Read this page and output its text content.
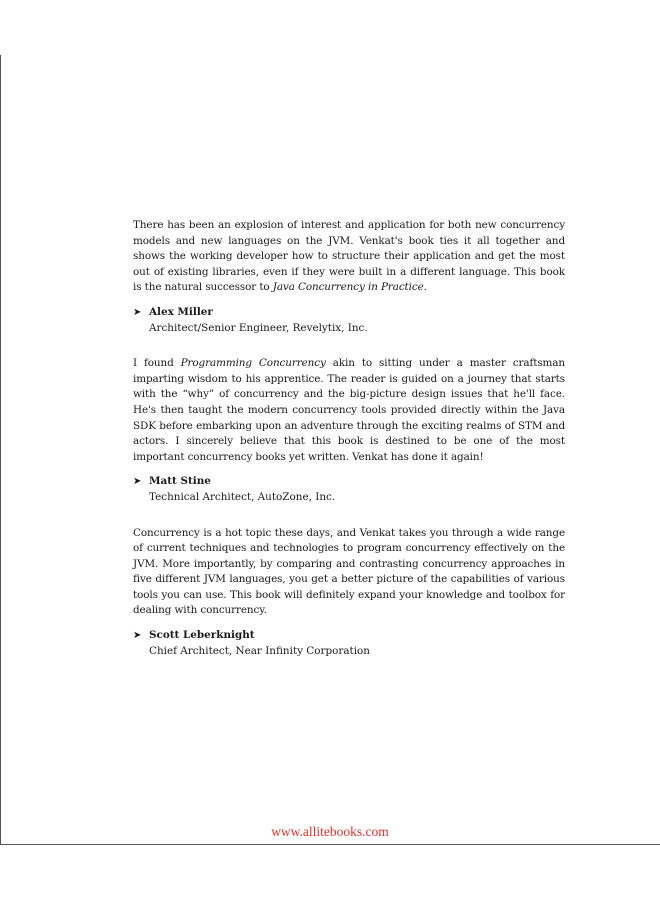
There has been an explosion of interest and application for both new concurrency models and new languages on the JVM. Venkat's book ties it all together and shows the working developer how to structure their application and get the most out of existing libraries, even if they were built in a different language. This book is the natural successor to Java Concurrency in Practice.

➤ Alex Miller
Architect/Senior Engineer, Revelytix, Inc.

I found Programming Concurrency akin to sitting under a master craftsman imparting wisdom to his apprentice. The reader is guided on a journey that starts with the “why” of concurrency and the big-picture design issues that he'll face. He's then taught the modern concurrency tools provided directly within the Java SDK before embarking upon an adventure through the exciting realms of STM and actors. I sincerely believe that this book is destined to be one of the most important concurrency books yet written. Venkat has done it again!

➤ Matt Stine
Technical Architect, AutoZone, Inc.

Concurrency is a hot topic these days, and Venkat takes you through a wide range of current techniques and technologies to program concurrency effectively on the JVM. More importantly, by comparing and contrasting concurrency approaches in five different JVM languages, you get a better picture of the capabilities of various tools you can use. This book will definitely expand your knowledge and toolbox for dealing with concurrency.

➤ Scott Leberknight
Chief Architect, Near Infinity Corporation
www.allitebooks.com
